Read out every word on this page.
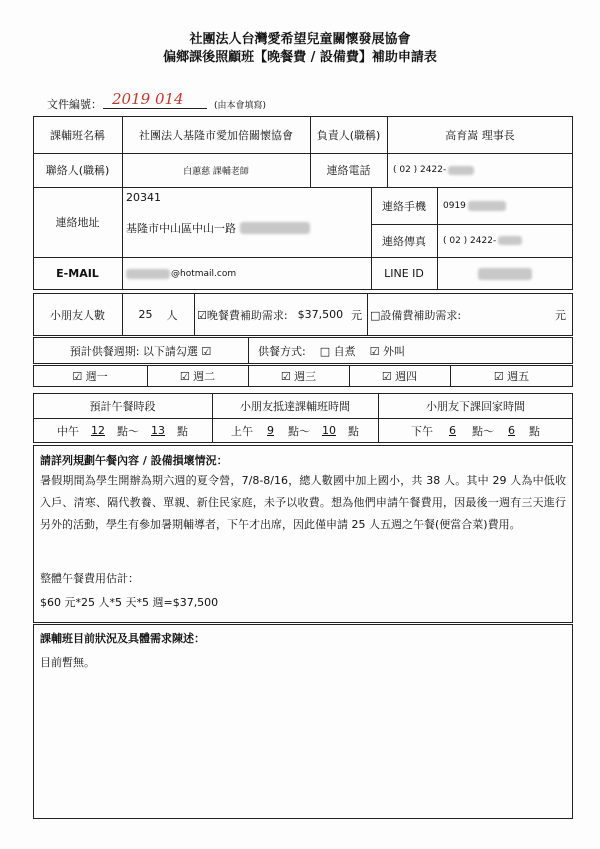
社團法人台灣愛希望兒童關懷發展協會
偏鄉課後照顧班【晚餐費 / 設備費】補助申請表
文件編號： 2019 014	(由本會填寫)
課輔班名稱	社團法人基隆市愛加倍關懷協會	負責人(職稱)	高育嵩 理事長
聯絡人(職稱)	白蕙慈 課輔老師	連絡電話	( 02 ) 2422-
連絡地址
20341
基隆市中山區中山一路
連絡手機	0919
連絡傳真	( 02 ) 2422-
E-MAIL	@hotmail.com	LINE ID
小朋友人數	25 人 ☑晚餐費補助需求: $37,500 元 □設備費補助需求:	元
預計供餐週期: 以下請勾選 ☑	供餐方式: □ 自煮 ☑ 外叫
☑ 週一	☑ 週二	☑ 週三	☑ 週四	☑ 週五
預計午餐時段	小朋友抵達課輔班時間	小朋友下課回家時間
中午	12	點～	13	點	上午	9	點～	10	點	下午	6	點～	6	點
請詳列規劃午餐內容 / 設備損壞情況：
暑假期間為學生開辦為期六週的夏令營，7/8-8/16，總人數國中加上國小，共 38 人。其中 29 人為中低收入戶、清寒、隔代教養、單親、新住民家庭，未予以收費。想為他們申請午餐費用，因最後一週有三天進行另外的活動，學生有參加暑期輔導者，下午才出席，因此僅申請 25 人五週之午餐(便當合菜)費用。
整體午餐費用估計：
$60 元*25 人*5 天*5 週=$37,500
課輔班目前狀況及具體需求陳述：
目前暫無。
